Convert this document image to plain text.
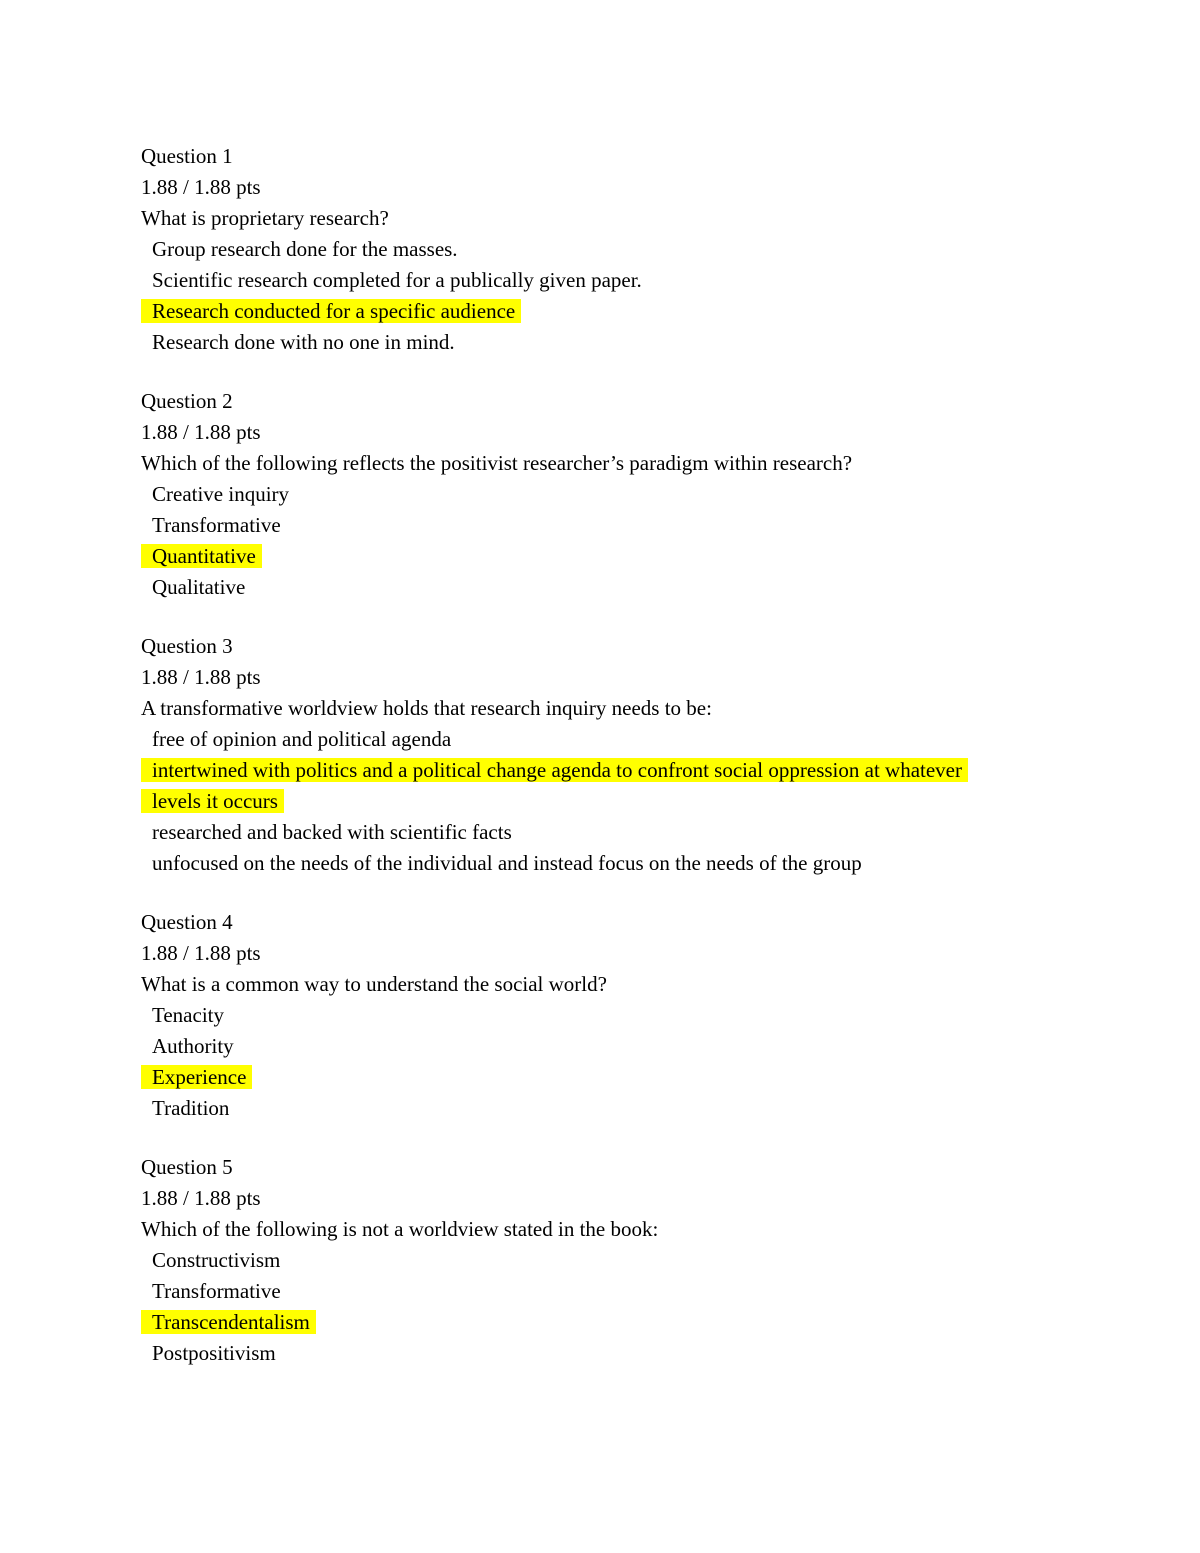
Question 1
1.88 / 1.88 pts
What is proprietary research?
Group research done for the masses.
Scientific research completed for a publically given paper.
Research conducted for a specific audience
Research done with no one in mind.
Question 2
1.88 / 1.88 pts
Which of the following reflects the positivist researcher’s paradigm within research?
Creative inquiry
Transformative
Quantitative
Qualitative
Question 3
1.88 / 1.88 pts
A transformative worldview holds that research inquiry needs to be:
free of opinion and political agenda
intertwined with politics and a political change agenda to confront social oppression at whatever levels it occurs
researched and backed with scientific facts
unfocused on the needs of the individual and instead focus on the needs of the group
Question 4
1.88 / 1.88 pts
What is a common way to understand the social world?
Tenacity
Authority
Experience
Tradition
Question 5
1.88 / 1.88 pts
Which of the following is not a worldview stated in the book:
Constructivism
Transformative
Transcendentalism
Postpositivism
